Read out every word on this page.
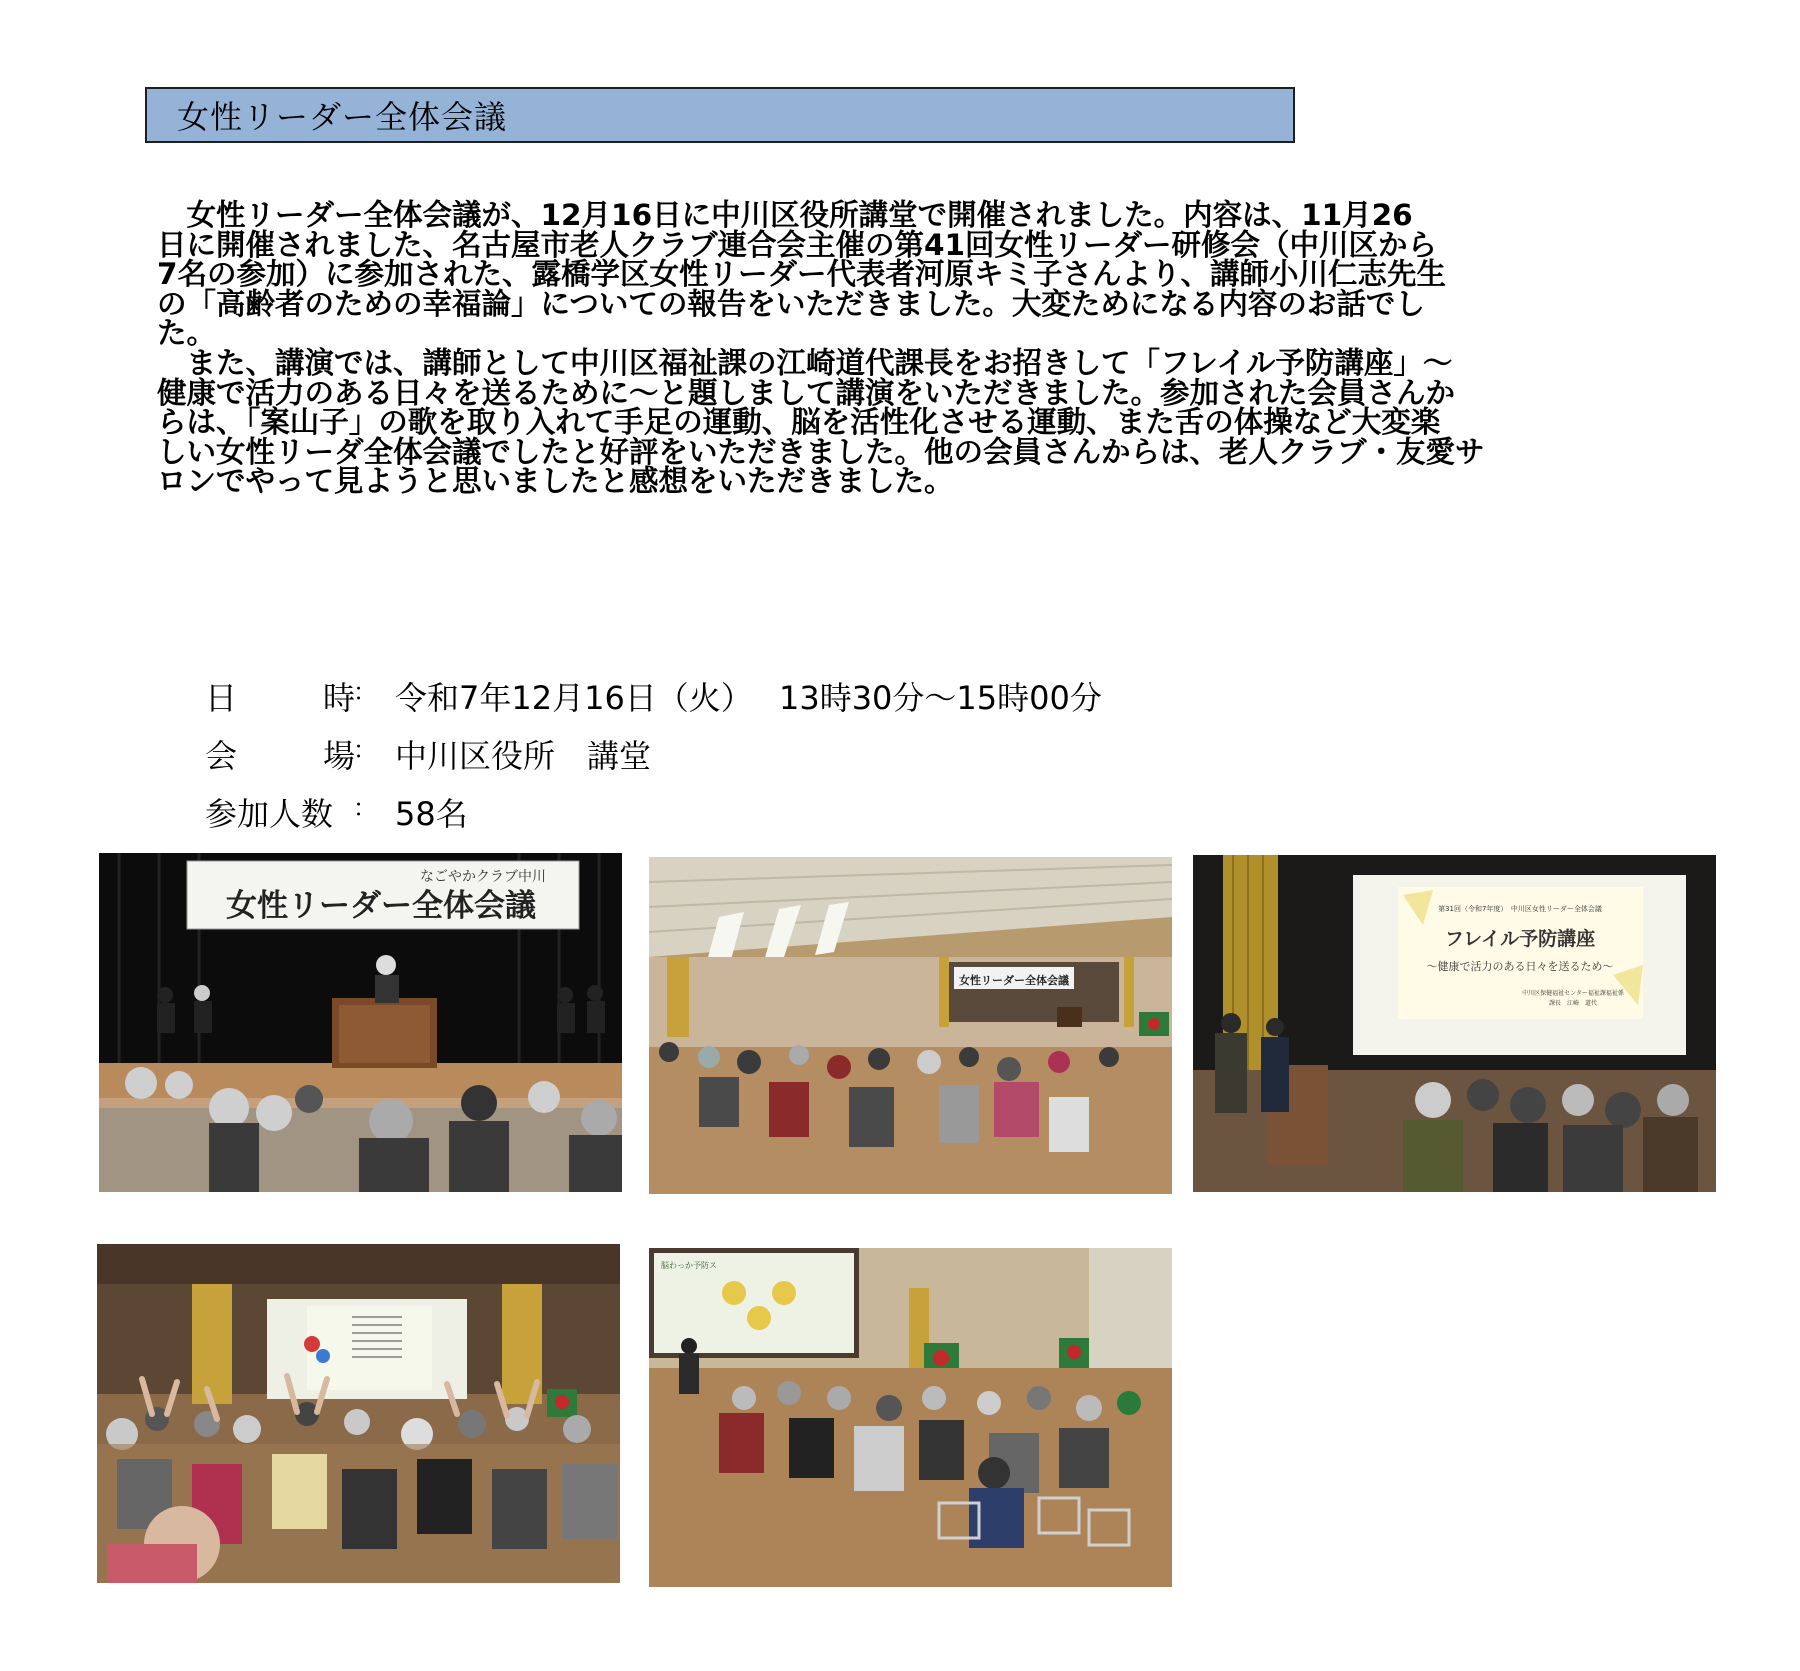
女性リーダー全体会議
　女性リーダー全体会議が、12月16日に中川区役所講堂で開催されました。内容は、11月26
日に開催されました、名古屋市老人クラブ連合会主催の第41回女性リーダー研修会（中川区から
7名の参加）に参加された、露橋学区女性リーダー代表者河原キミ子さんより、講師小川仁志先生
の「高齢者のための幸福論」についての報告をいただきました。大変ためになる内容のお話でし
た。
　また、講演では、講師として中川区福祉課の江崎道代課長をお招きして「フレイル予防講座」～
健康で活力のある日々を送るために～と題しまして講演をいただきました。参加された会員さんか
らは、「案山子」の歌を取り入れて手足の運動、脳を活性化させる運動、また舌の体操など大変楽
しい女性リーダ全体会議でしたと好評をいただきました。他の会員さんからは、老人クラブ・友愛サ
ロンでやって見ようと思いましたと感想をいただきました。
日	時
： 令和7年12月16日（火）　 13時30分～15時00分
会	場
： 中川区役所　講堂
参加人数 ： 58名
なごやかクラブ中川
女性リーダー全体会議
女性リーダー全体会議
第31回（令和7年度）　中川区女性リーダー全体会議
フレイル予防講座
～健康で活力のある日々を送るため～
中川区保健福祉センター福祉課福祉係
課長　江崎　道代
脳わっか予防ス
